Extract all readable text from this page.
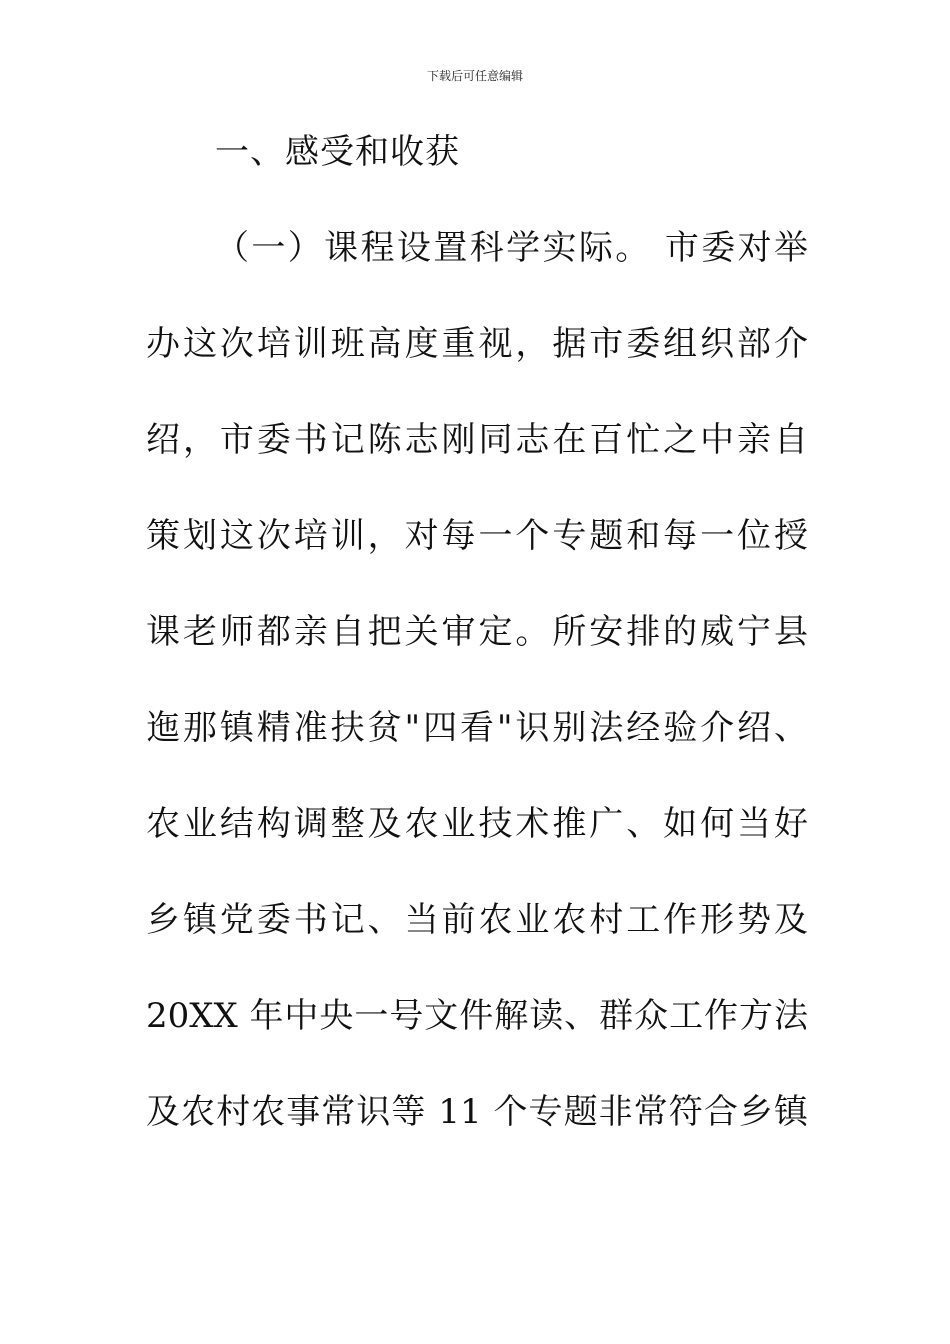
下载后可任意编辑
一、感受和收获
（一）课程设置科学实际。 市委对举
办这次培训班高度重视，据市委组织部介
绍，市委书记陈志刚同志在百忙之中亲自
策划这次培训，对每一个专题和每一位授
课老师都亲自把关审定。所安排的威宁县
迤那镇精准扶贫"四看"识别法经验介绍、
农业结构调整及农业技术推广、如何当好
乡镇党委书记、当前农业农村工作形势及
20XX 年中央一号文件解读、群众工作方法
及农村农事常识等 11 个专题非常符合乡镇
